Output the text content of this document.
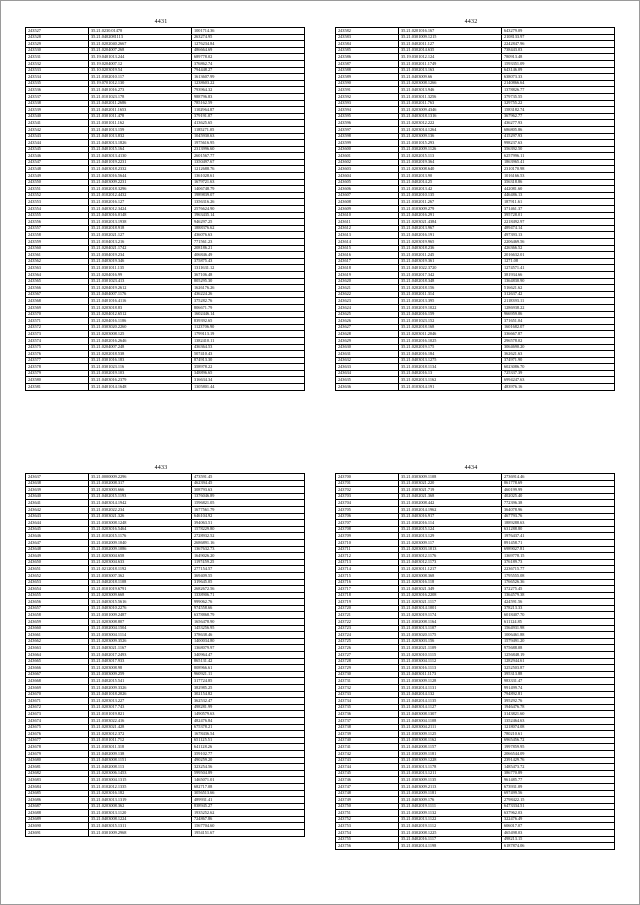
4431
243527	35.21.0230.01478	1001714.36
243528	35.21.0402081113	263274.95
243529	35.21.0202040.2667	1276234.84
243530	35.21.0204007.268	486664.69
243531	35.19.0401013.244	689778.02
243532	35.19.0204007.12	376862.74
243533	35.10.0203019.54	794448.27
243534	35.21.0302010.117	1613607.99
243535	35.19.0701012.130	1238603.22
243536	35.21.0401016.273	793964.32
243537	35.21.0101023.178	988796.83
243538	35.21.0402011.2686	785162.59
243539	35.21.0402011.1653	1102964.87
243540	35.21.0301011.478	379191.07
243541	35.21.0301011.162	413625.65
243542	35.21.0401013.159	1185271.05
243543	35.21.0401013.832	1045930.63
243544	35.21.0403013.1826	1975616.95
243545	35.21.0401015.164	2313996.60
243546	35.21.0403013.4130	2601567.77
243547	35.21.0401019.2231	1350497.67
243548	35.21.0403018.2332	1212688.76
243549	35.21.0403016.5644	1361028.61
243550	35.21.0403009.2231	1679721.63
243551	35.21.0302018.3296	1406748.79
243552	35.21.0102012.4432	1989839.07
243553	35.21.0302016.127	1356316.26
243554	35.21.0403012.3424	2576624.90
243555	35.21.0403016.0148	1963435.14
243556	35.21.0302013.1938	946297.25
243557	35.21.0302018.918	1888376.62
243558	35.21.0302021.127	436076.63
243559	35.21.0104013.216	771561.23
243560	35.21.0204021.1742	208186.21
243561	35.21.0304019.234	406846.49
243562	35.21.0403019.346	375875.43
243563	35.21.0301011.135	1311631.12
243564	35.21.0204016.99	367106.48
243565	35.21.0301023.413	805295.30
243566	35.21.0204019.2612	1626176.26
243567	35.21.0404007.1176	436224.26
243568	35.21.0401016.4116	375282.76
243569	35.21.0203018.83	806671.79
243570	35.21.0204012.6512	1602446.14
243571	35.21.0204016.1186	839392.65
243572	35.21.0303020.2260	1123706.90
243573	35.21.0203008.125	1799113.19
243574	35.21.0402016.2646	1382410.11
243575	35.21.0204007.248	436364.53
243576	35.21.0202018.538	507410.43
243577	35.21.0301016.183	874913.30
243578	35.21.0301023.116	358978.22
243579	35.21.0302019.103	348896.65
243580	35.21.0403016.2379	316634.34
243581	35.21.0401014.1648	1305801.44
4432
243582	35.21.0201016.167	643279.09
243583	35.21.0301009.1215	2108133.97
243584	35.21.0402011.127	2242847.96
243585	35.21.0302014.635	738443.03
243586	35.19.0301012.124	780913.48
243587	35.21.0302011.1749	1593351.09
243588	35.21.0302013.163	643146.09
243589	35.21.0403009.66	638073.33
243590	35.21.0203008.1266	2140866.64
243591	35.21.0403013.946	1378826.77
243592	35.21.0303011.3256	379735.55
243593	35.21.0302011.763	329755.22
243594	35.21.0203009.4346	1583182.74
243595	35.21.0403018.1316	367962.77
243596	35.21.0203012.222	436277.93
243597	35.21.0203014.1264	686805.86
243598	35.21.0203009.136	415297.93
243599	35.21.0301015.293	998237.63
243600	35.21.0302009.1126	356392.50
243601	35.21.0202015.113	6257996.11
243602	35.21.0302019.364	1863965.41
243603	35.21.0203008.640	2310170.98
243604	35.21.0302013.90	1016166.53
243605	35.21.0402014.25	356318.86
243606	35.21.0302013.42	442081.60
243607	35.21.0302010.135	446486.13
243608	35.21.0302011.267	187911.61
243609	35.21.0103009.279	371461.37
243610	35.21.0402016.291	395728.01
243611	35.21.0203021.4384	2218492.97
243612	35.21.0402013.967	489474.14
243613	35.21.0402016.191	497393.13
243614	35.21.0203019.965	2206469.56
243615	35.21.0403018.236	426366.52
243616	35.21.0302011.245	2016632.01
243617	35.21.0403019.361	1271.08
243618	35.21.0401022.3720	1274571.41
243619	35.21.0302017.342	381934.66
243620	35.21.0402018.348	1364830.90
243621	35.21.0202018.156	516621.62
243622	35.21.0302011.314	312637.42
243623	35.21.0302013.395	2118393.11
243624	35.21.0302019.1022	1286938.22
243625	35.21.0402016.159	966959.06
243626	35.21.0301023.152	371651.04
243627	35.21.0202018.168	1601682.07
243628	35.21.0203011.2046	336667.87
243629	35.21.0302016.1025	296578.02
243630	35.21.0202019.175	3064690.20
243631	35.21.0402016.184	362621.63
243632	35.21.0403013.1275	374971.90
243633	35.21.0302018.1134	6023086.70
243634	35.21.0402016.13	725337.39
243635	35.21.0202013.1162	6994247.63
243636	35.21.0103014.191	483976.16
4433
243637	35.21.0000009.2296	473591.45
243638	35.21.0302008.317	462394.45
243639	35.21.0203003.666	308793.63
243640	35.21.0402015.1193	1376046.89
243641	35.21.0403014.1942	1596821.05
243642	35.21.0302022.234	1677561.79
243643	35.21.0303021.326	646104.92
243644	35.21.0303008.1248	394063.51
243645	35.21.0203016.5464	1578229.80
243646	35.21.0102015.1176	2728932.52
243647	35.21.0302009.1040	2686891.16
243648	35.21.0302009.1086	1367632.73
243649	35.21.0203004.658	1649026.20
243650	35.21.0203004.633	1197459.25
243651	35.21.0212018.1192	277154.57
243652	35.21.0303007.362	369409.55
243653	35.21.0402018.1108	319645.05
243654	35.21.0101019.6791	2682672.56
243655	35.21.0203009.668	1338906.71
243656	35.21.0403015.5616	999062.76
243657	35.21.0403010.2276	974558.66
243658	35.21.0301009.2487	6378868.79
243659	35.21.0203008.807	1656478.90
243660	35.21.0302004.1504	1453256.95
243661	35.21.0303004.1114	378638.46
243662	35.21.0203009.3526	1400034.80
243663	35.21.0403021.1167	1368079.97
243664	35.21.0402017.2493	340964.47
243665	35.21.0403017.933	865131.42
243666	35.21.0203008.98	808966.61
243667	35.21.0303009.259	960921.11
243668	35.21.0402015.541	317724.85
243669	35.21.0402009.3326	382985.25
243670	35.21.0401018.2026	302154.82
243671	35.21.0203013.227	362532.47
243672	35.21.0203017.743	498281.99
243673	35.21.0101019.821	1490579.63
243674	35.21.0303022.416	482476.84
243675	35.21.0203021.428	675378.21
243676	35.21.0203012.372	1678436.54
243677	35.21.0101011.712	651125.51
243678	35.21.0303011.318	641128.26
243679	35.21.0402009.138	359102.77
243680	35.21.0403008.1151	490259.20
243681	35.21.0402008.113	323254.56
243682	35.21.0203006.1453	599504.89
243683	35.21.0303004.1315	1465071.01
243684	35.21.0102012.1335	682717.08
243685	35.21.0203016.182	3056513.66
243686	35.21.0403013.1319	489931.41
243687	35.21.0203008.362	838945.27
243688	35.21.0303013.1120	1935252.62
243689	35.21.0403008.1224	724867.86
243690	35.21.0403015.1311	1567704.60
243691	35.21.0301009.2968	1954151.67
4434
243700	35.21.0303009.1108	2736914.46
243701	35.21.0303021.220	861778.69
243702	35.21.0303021.719	460199.99
243703	35.21.0402021.368	402025.40
243704	35.21.0302008.442	772396.38
243705	35.21.0302014.1962	364078.96
243706	35.21.0403016.917	467793.76
243707	35.21.0302016.114	1889288.63
243708	35.21.0302015.124	631288.80
243709	35.21.0302013.129	1976437.41
243710	35.21.0203009.117	891458.71
243711	35.21.0203003.1013	6989027.81
243712	35.21.0303012.1176	1369778.15
243713	35.21.0403012.1173	376189.73
243714	35.21.0203011.1217	2236715.77
243715	35.21.0203008.368	1795555.08
243716	35.21.0203016.118	1766526.36
243717	35.21.0403021.349	372275.45
243718	35.21.0203016.2208	1364579.38
243719	35.21.0203021.1117	424591.56
243720	35.21.0403014.1001	378213.33
243721	35.21.0203019.1174	6018407.70
243722	35.21.0302008.1164	611124.85
243723	35.21.0303013.1107	1564931.98
243724	35.21.0303020.1175	1006461.88
243725	35.21.0203003.156	1579491.20
243726	35.21.0302021.1109	975688.08
243727	35.21.0203010.1115	1256848.19
243728	35.21.0303004.1112	1282944.61
243729	35.21.0303016.1113	3252503.87
243730	35.21.0403011.1173	395313.88
243731	35.21.0303009.1128	983331.47
243732	35.21.0302014.1131	991499.74
243733	35.21.0402014.132	794892.81
243734	35.21.0402014.1135	395292.76
243735	35.21.0403014.1127	1946476.78
243736	35.21.0403008.1307	3143821.60
243737	35.21.0403004.1108	1352464.63
243738	35.21.0203004.2111	1218074.08
243739	35.21.0303009.1125	780210.61
243740	35.21.0303008.1162	6965456.72
243741	35.21.0402008.1157	1997859.95
243742	35.21.0302009.1181	2066544.09
243743	35.21.0303009.1228	2391429.76
243744	35.21.0303013.1178	1485473.72
243745	35.21.0302013.1211	386770.89
243746	35.21.0303009.1135	961485.77
243747	35.21.0403009.2113	673931.09
243748	35.21.0302009.1181	697499.56
243749	35.21.0403009.176	2798422.15
243750	35.21.0402019.1111	6473334.51
243751	35.21.0302009.1132	637962.03
243752	35.21.0302013.1122	322476.49
243753	35.21.0402019.1112	606017.07
243754	35.21.0302008.1225	465498.03
243755	35.21.0402016.1117	498213.15
243756	35.21.0302014.1198	6187874.06
